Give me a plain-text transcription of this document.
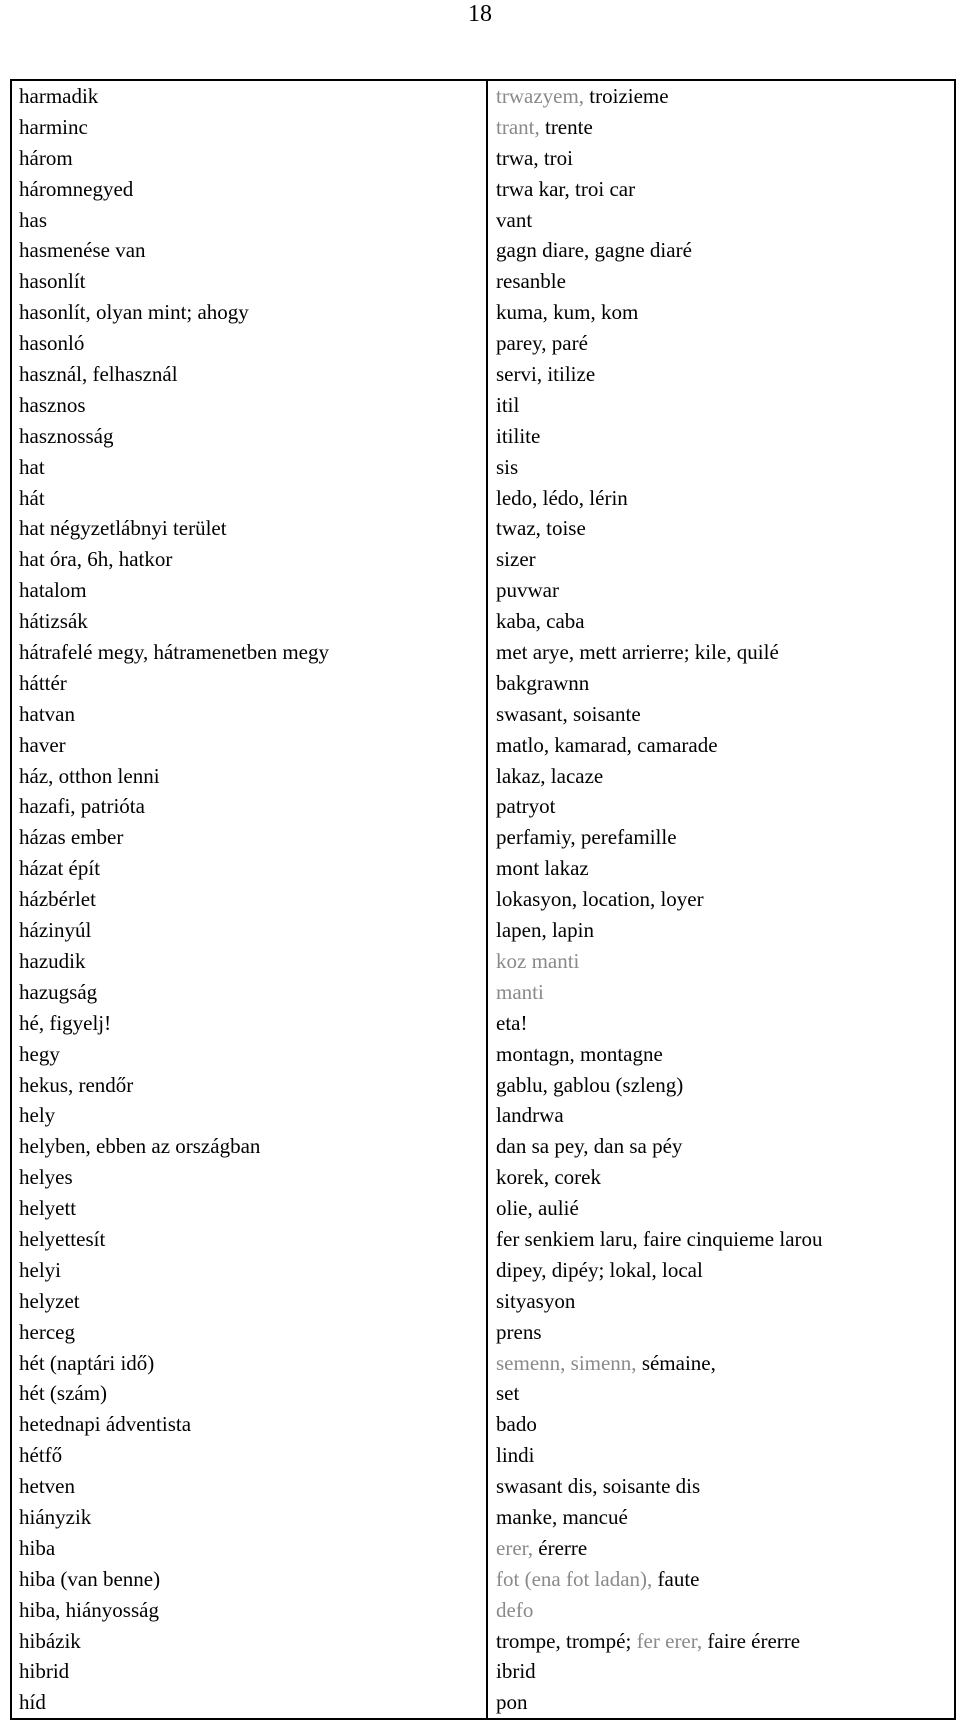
18
harmadik	trwazyem, troizieme
harminc	trant, trente
három	trwa, troi
háromnegyed	trwa kar, troi car
has	vant
hasmenése van	gagn diare, gagne diaré
hasonlít	resanble
hasonlít, olyan mint; ahogy	kuma, kum, kom
hasonló	parey, paré
használ, felhasznál	servi, itilize
hasznos	itil
hasznosság	itilite
hat	sis
hát	ledo, lédo, lérin
hat négyzetlábnyi terület	twaz, toise
hat óra, 6h, hatkor	sizer
hatalom	puvwar
hátizsák	kaba, caba
hátrafelé megy, hátramenetben megy	met arye, mett arrierre; kile, quilé
háttér	bakgrawnn
hatvan	swasant, soisante
haver	matlo, kamarad, camarade
ház, otthon lenni	lakaz, lacaze
hazafi, patrióta	patryot
házas ember	perfamiy, perefamille
házat épít	mont lakaz
házbérlet	lokasyon, location, loyer
házinyúl	lapen, lapin
hazudik	koz manti
hazugság	manti
hé, figyelj!	eta!
hegy	montagn, montagne
hekus, rendőr	gablu, gablou (szleng)
hely	landrwa
helyben, ebben az országban	dan sa pey, dan sa péy
helyes	korek, corek
helyett	olie, aulié
helyettesít	fer senkiem laru, faire cinquieme larou
helyi	dipey, dipéy; lokal, local
helyzet	sityasyon
herceg	prens
hét (naptári idő)	semenn, simenn, sémaine,
hét (szám)	set
hetednapi ádventista	bado
hétfő	lindi
hetven	swasant dis, soisante dis
hiányzik	manke, mancué
hiba	erer, érerre
hiba (van benne)	fot (ena fot ladan), faute
hiba, hiányosság	defo
hibázik	trompe, trompé; fer erer, faire érerre
hibrid	ibrid
híd	pon
